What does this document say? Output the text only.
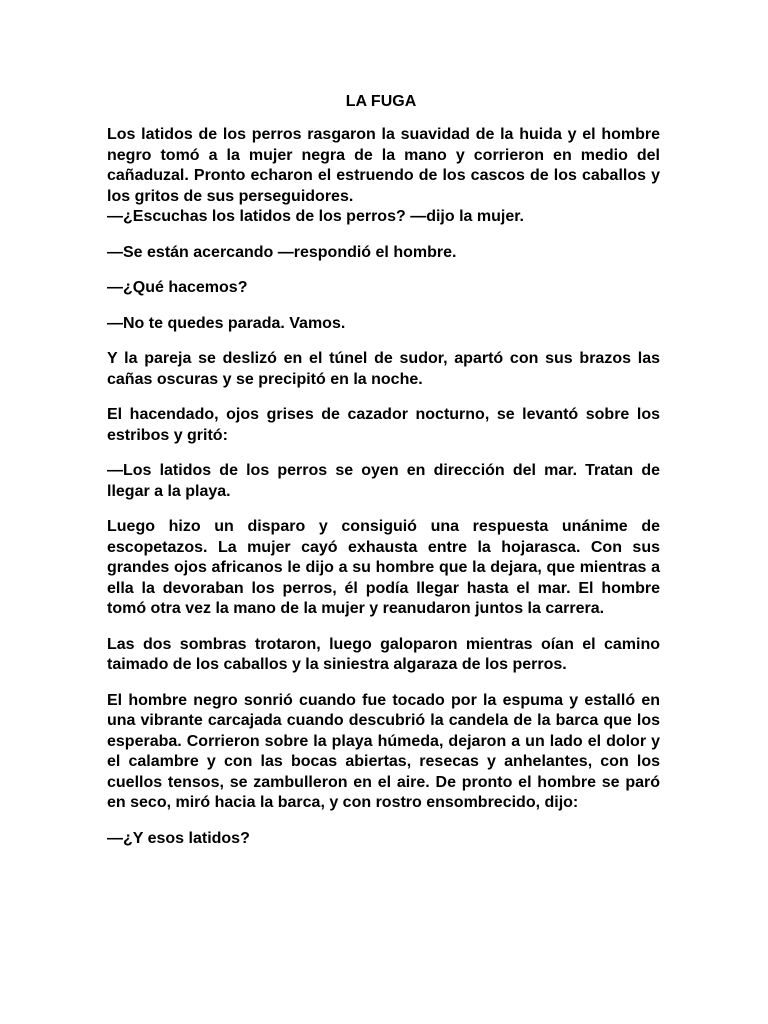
LA FUGA

Los latidos de los perros rasgaron la suavidad de la huida y el hombre negro tomó a la mujer negra de la mano y corrieron en medio del cañaduzal. Pronto echaron el estruendo de los cascos de los caballos y los gritos de sus perseguidores.

—¿Escuchas los latidos de los perros? —dijo la mujer.

—Se están acercando —respondió el hombre.

—¿Qué hacemos?

—No te quedes parada. Vamos.

Y la pareja se deslizó en el túnel de sudor, apartó con sus brazos las cañas oscuras y se precipitó en la noche.

El hacendado, ojos grises de cazador nocturno, se levantó sobre los estribos y gritó:

—Los latidos de los perros se oyen en dirección del mar. Tratan de llegar a la playa.

Luego hizo un disparo y consiguió una respuesta unánime de escopetazos. La mujer cayó exhausta entre la hojarasca. Con sus grandes ojos africanos le dijo a su hombre que la dejara, que mientras a ella la devoraban los perros, él podía llegar hasta el mar. El hombre tomó otra vez la mano de la mujer y reanudaron juntos la carrera.

Las dos sombras trotaron, luego galoparon mientras oían el camino taimado de los caballos y la siniestra algaraza de los perros.

El hombre negro sonrió cuando fue tocado por la espuma y estalló en una vibrante carcajada cuando descubrió la candela de la barca que los esperaba. Corrieron sobre la playa húmeda, dejaron a un lado el dolor y el calambre y con las bocas abiertas, resecas y anhelantes, con los cuellos tensos, se zambulleron en el aire. De pronto el hombre se paró en seco, miró hacia la barca, y con rostro ensombrecido, dijo:

—¿Y esos latidos?
